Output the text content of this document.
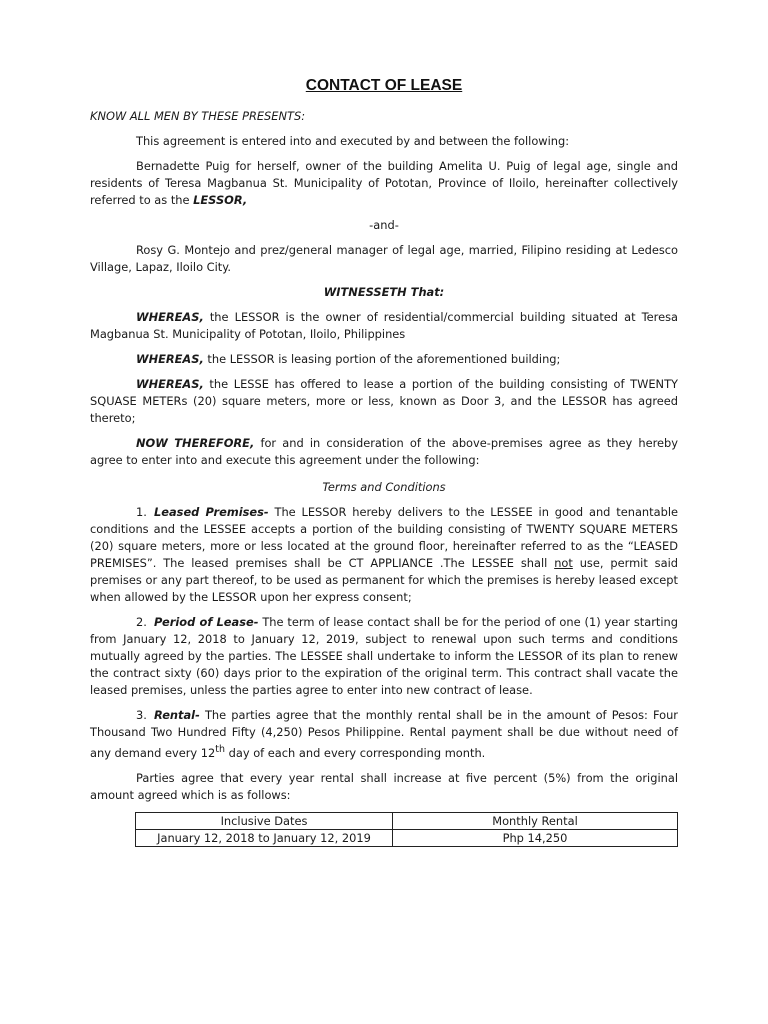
CONTACT OF LEASE

KNOW ALL MEN BY THESE PRESENTS:

This agreement is entered into and executed by and between the following:

Bernadette Puig for herself, owner of the building Amelita U. Puig of legal age, single and residents of Teresa Magbanua St. Municipality of Pototan, Province of Iloilo, hereinafter collectively referred to as the LESSOR,

-and-

Rosy G. Montejo and prez/general manager of legal age, married, Filipino residing at Ledesco Village, Lapaz, Iloilo City.

WITNESSETH That:

WHEREAS, the LESSOR is the owner of residential/commercial building situated at Teresa Magbanua St. Municipality of Pototan, Iloilo, Philippines

WHEREAS, the LESSOR is leasing portion of the aforementioned building;

WHEREAS, the LESSE has offered to lease a portion of the building consisting of TWENTY SQUASE METERs (20) square meters, more or less, known as Door 3, and the LESSOR has agreed thereto;

NOW THEREFORE, for and in consideration of the above-premises agree as they hereby agree to enter into and execute this agreement under the following:

Terms and Conditions

1. Leased Premises- The LESSOR hereby delivers to the LESSEE in good and tenantable conditions and the LESSEE accepts a portion of the building consisting of TWENTY SQUARE METERS (20) square meters, more or less located at the ground floor, hereinafter referred to as the “LEASED PREMISES”. The leased premises shall be CT APPLIANCE .The LESSEE shall not use, permit said premises or any part thereof, to be used as permanent for which the premises is hereby leased except when allowed by the LESSOR upon her express consent;

2. Period of Lease- The term of lease contact shall be for the period of one (1) year starting from January 12, 2018 to January 12, 2019, subject to renewal upon such terms and conditions mutually agreed by the parties. The LESSEE shall undertake to inform the LESSOR of its plan to renew the contract sixty (60) days prior to the expiration of the original term. This contract shall vacate the leased premises, unless the parties agree to enter into new contract of lease.

3. Rental- The parties agree that the monthly rental shall be in the amount of Pesos: Four Thousand Two Hundred Fifty (4,250) Pesos Philippine. Rental payment shall be due without need of any demand every 12th day of each and every corresponding month.

Parties agree that every year rental shall increase at five percent (5%) from the original amount agreed which is as follows:

Inclusive Dates	Monthly Rental
January 12, 2018 to January 12, 2019	Php 14,250
